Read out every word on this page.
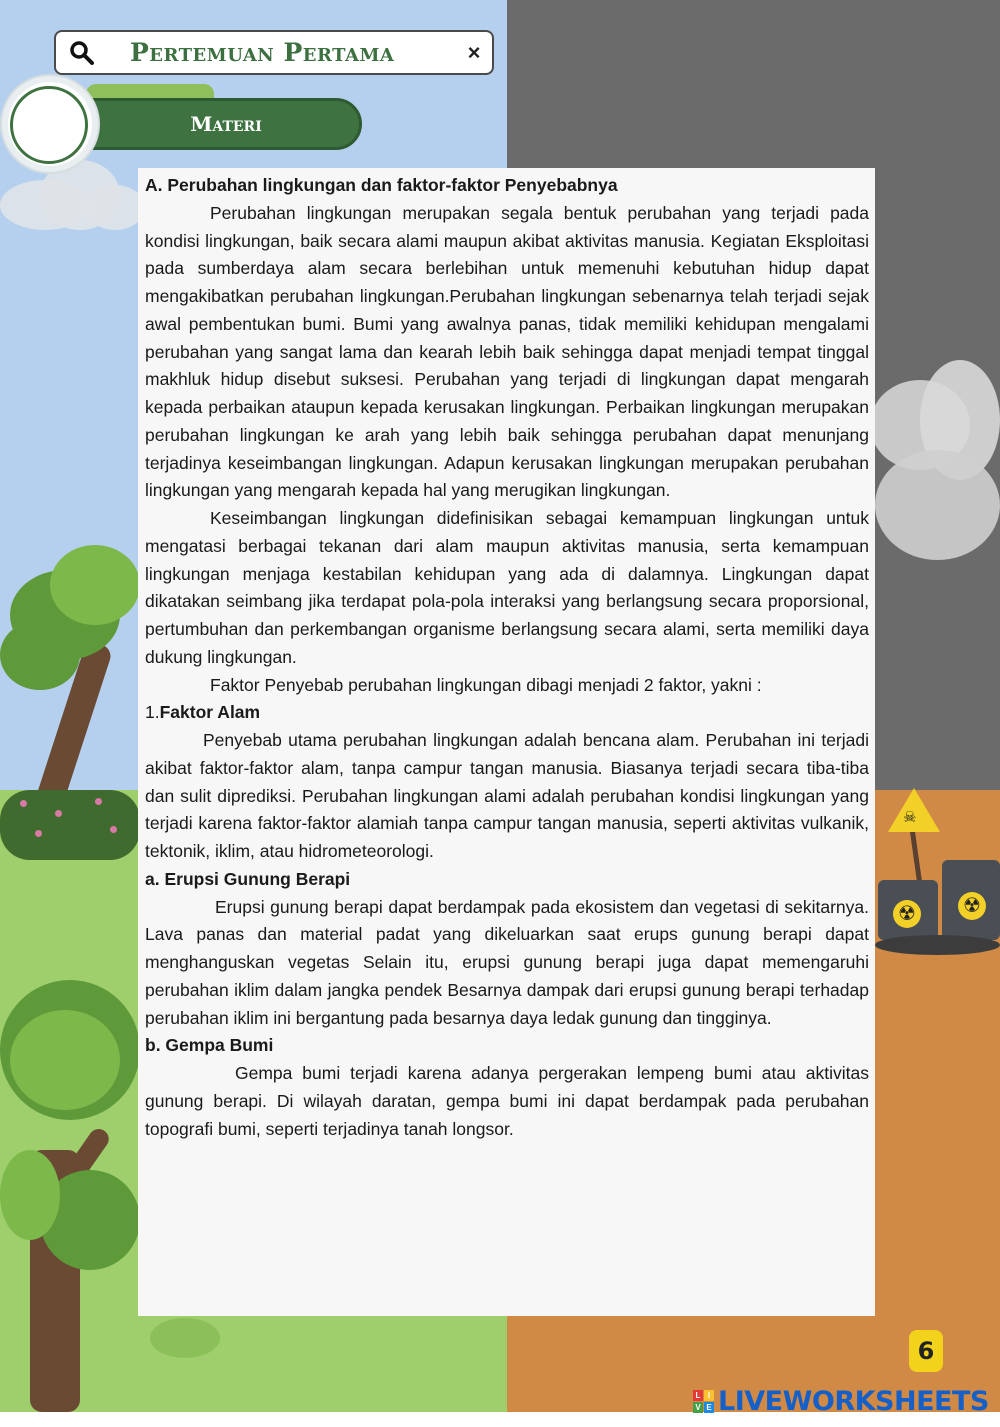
☠
☢ ☢
Pertemuan Pertama	×
Materi

A. Perubahan lingkungan dan faktor-faktor Penyebabnya

Perubahan lingkungan merupakan segala bentuk perubahan yang terjadi pada kondisi lingkungan, baik secara alami maupun akibat aktivitas manusia. Kegiatan Eksploitasi pada sumberdaya alam secara berlebihan untuk memenuhi kebutuhan hidup dapat mengakibatkan perubahan lingkungan.Perubahan lingkungan sebenarnya telah terjadi sejak awal pembentukan bumi. Bumi yang awalnya panas, tidak memiliki kehidupan mengalami perubahan yang sangat lama dan kearah lebih baik sehingga dapat menjadi tempat tinggal makhluk hidup disebut suksesi. Perubahan yang terjadi di lingkungan dapat mengarah kepada perbaikan ataupun kepada kerusakan lingkungan. Perbaikan lingkungan merupakan perubahan lingkungan ke arah yang lebih baik sehingga perubahan dapat menunjang terjadinya keseimbangan lingkungan. Adapun kerusakan lingkungan merupakan perubahan lingkungan yang mengarah kepada hal yang merugikan lingkungan.

Keseimbangan lingkungan didefinisikan sebagai kemampuan lingkungan untuk mengatasi berbagai tekanan dari alam maupun aktivitas manusia, serta kemampuan lingkungan menjaga kestabilan kehidupan yang ada di dalamnya. Lingkungan dapat dikatakan seimbang jika terdapat pola-pola interaksi yang berlangsung secara proporsional, pertumbuhan dan perkembangan organisme berlangsung secara alami, serta memiliki daya dukung lingkungan.

Faktor Penyebab perubahan lingkungan dibagi menjadi 2 faktor, yakni :

1.Faktor Alam

Penyebab utama perubahan lingkungan adalah bencana alam. Perubahan ini terjadi akibat faktor-faktor alam, tanpa campur tangan manusia. Biasanya terjadi secara tiba-tiba dan sulit diprediksi. Perubahan lingkungan alami adalah perubahan kondisi lingkungan yang terjadi karena faktor-faktor alamiah tanpa campur tangan manusia, seperti aktivitas vulkanik, tektonik, iklim, atau hidrometeorologi.

a. Erupsi Gunung Berapi

Erupsi gunung berapi dapat berdampak pada ekosistem dan vegetasi di sekitarnya. Lava panas dan material padat yang dikeluarkan saat erups gunung berapi dapat menghanguskan vegetas Selain itu, erupsi gunung berapi juga dapat memengaruhi perubahan iklim dalam jangka pendek Besarnya dampak dari erupsi gunung berapi terhadap perubahan iklim ini bergantung pada besarnya daya ledak gunung dan tingginya.

b. Gempa Bumi

Gempa bumi terjadi karena adanya pergerakan lempeng bumi atau aktivitas gunung berapi. Di wilayah daratan, gempa bumi ini dapat berdampak pada perubahan topografi bumi, seperti terjadinya tanah longsor.

6
L I
V E LIVEWORKSHEETS
